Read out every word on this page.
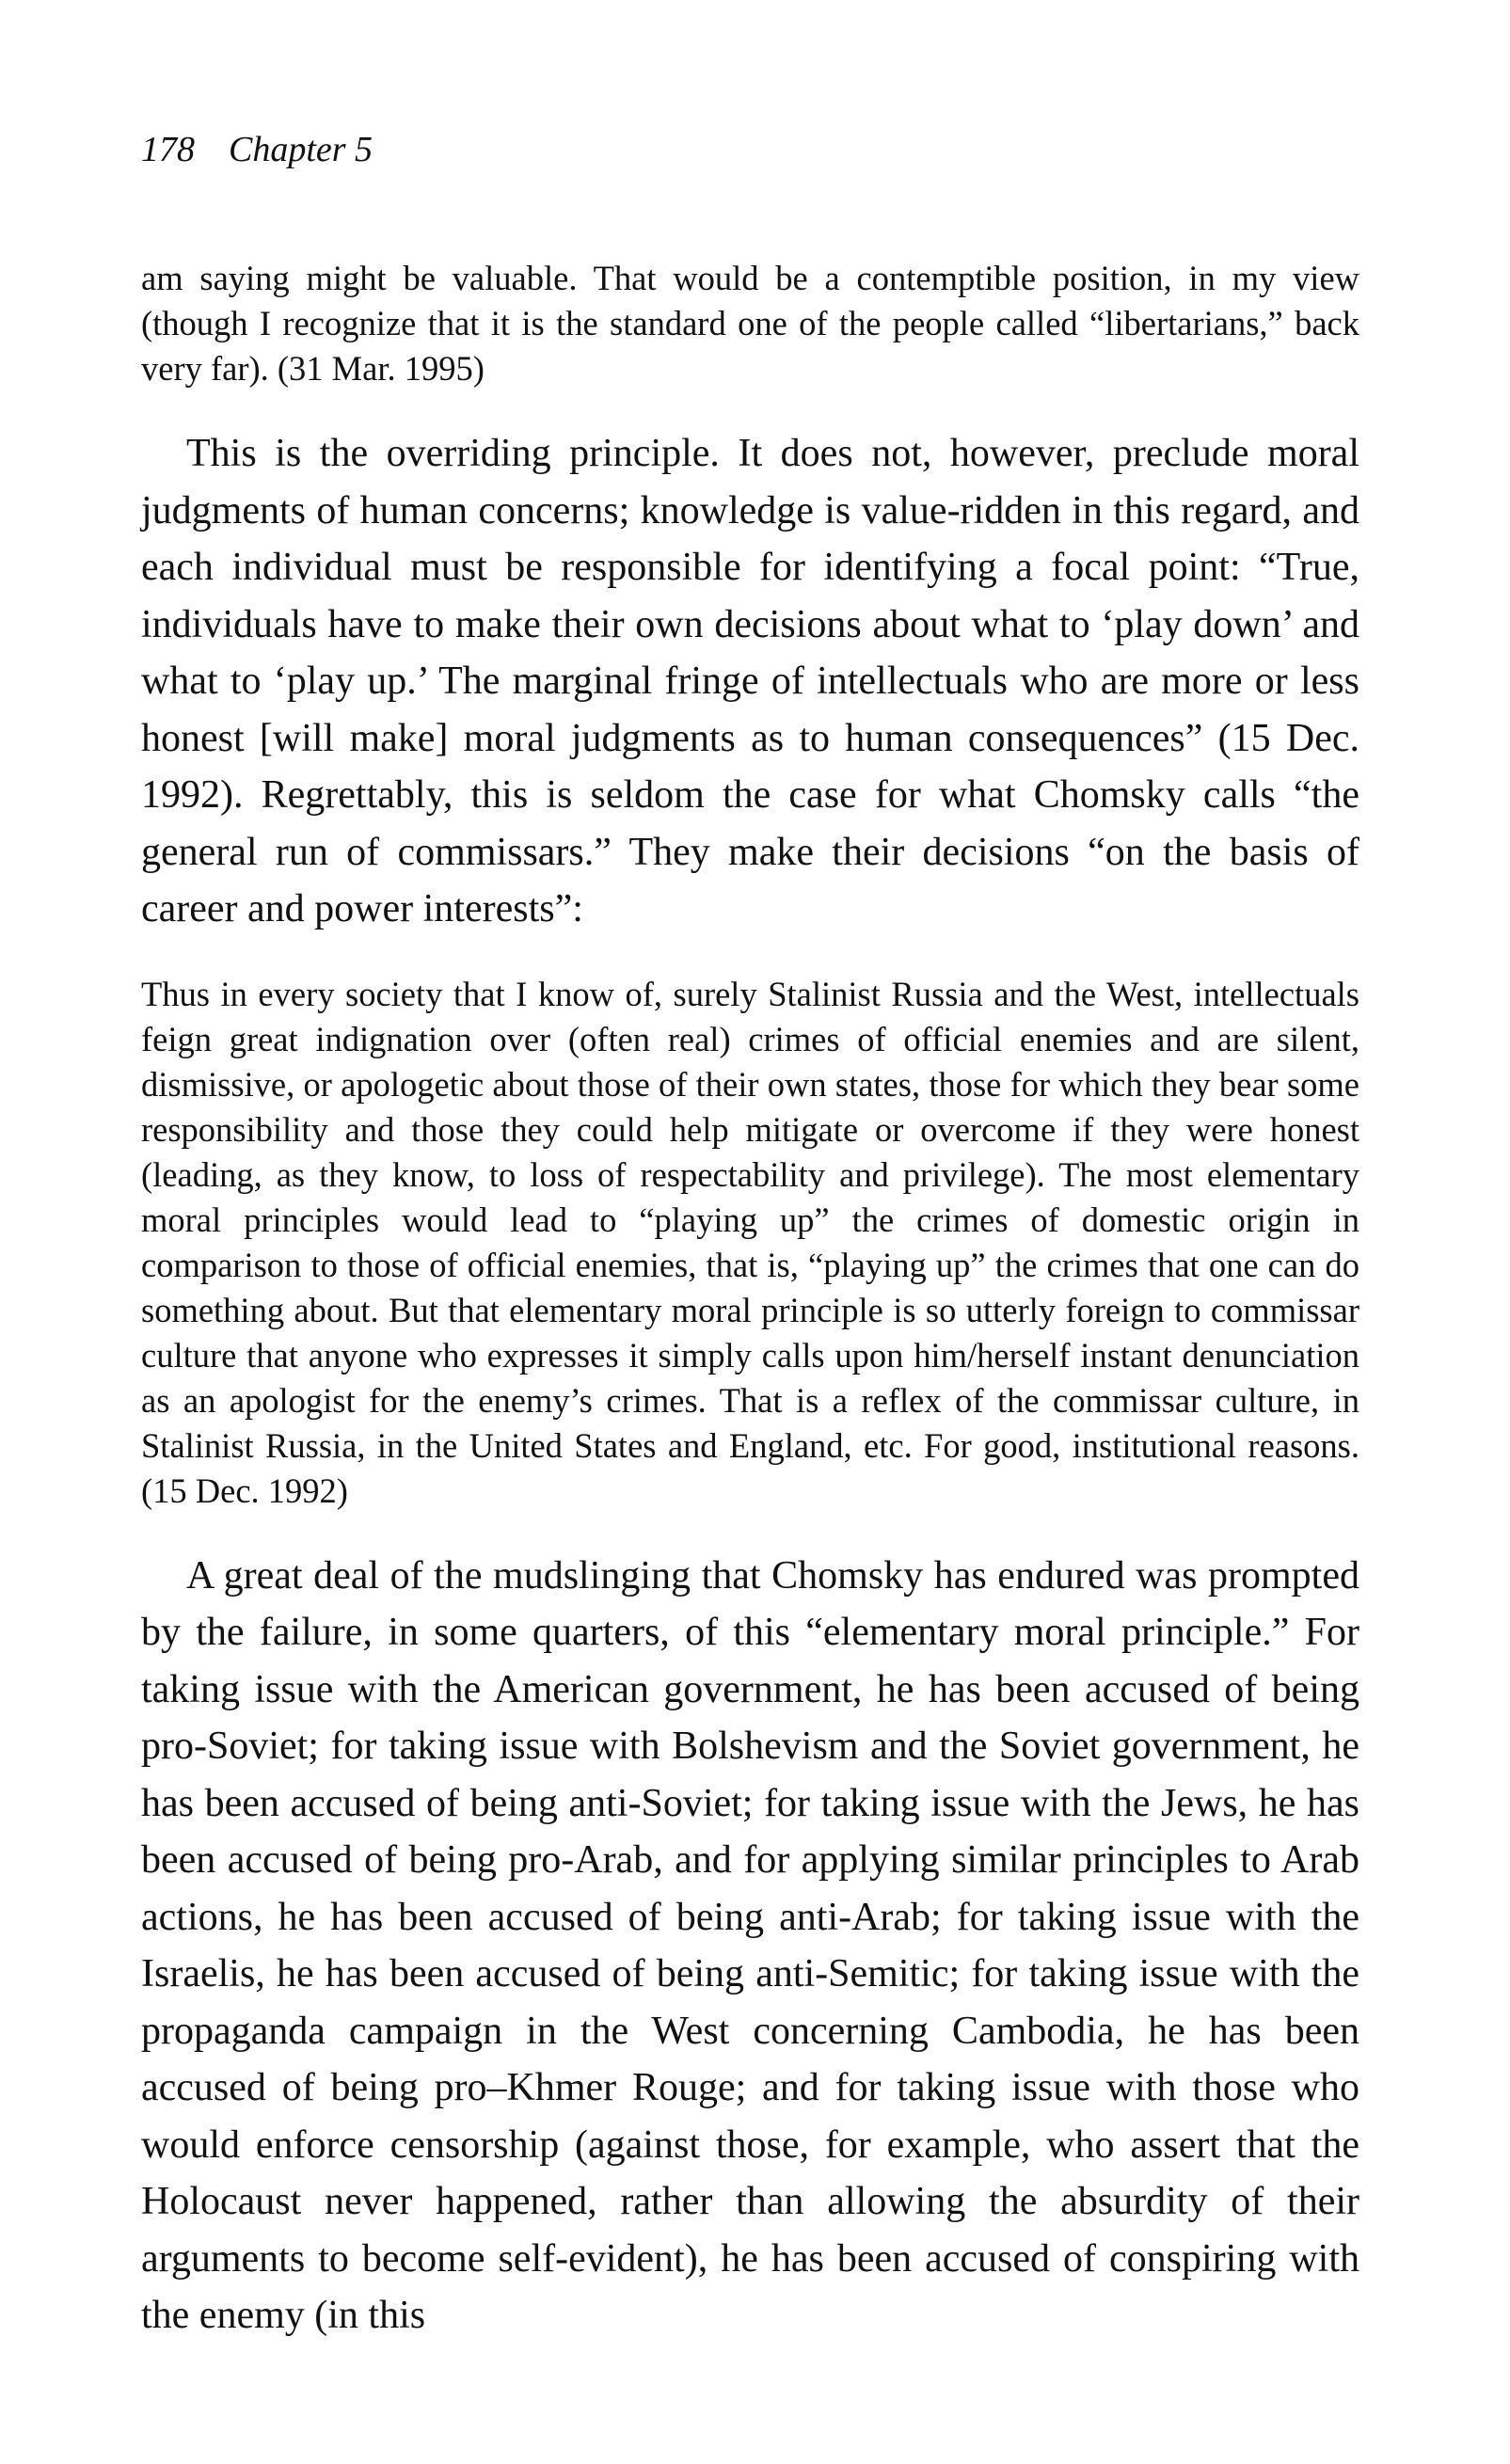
178 Chapter 5

am saying might be valuable. That would be a contemptible position, in my view (though I recognize that it is the standard one of the people called “libertarians,” back very far). (31 Mar. 1995)

This is the overriding principle. It does not, however, preclude moral judgments of human concerns; knowledge is value-ridden in this regard, and each individual must be responsible for identifying a focal point: “True, individuals have to make their own decisions about what to ‘play down’ and what to ‘play up.’ The marginal fringe of intellectuals who are more or less honest [will make] moral judgments as to human consequences” (15 Dec. 1992). Regrettably, this is seldom the case for what Chomsky calls “the general run of commissars.” They make their decisions “on the basis of career and power interests”:

Thus in every society that I know of, surely Stalinist Russia and the West, intellectuals feign great indignation over (often real) crimes of official enemies and are silent, dismissive, or apologetic about those of their own states, those for which they bear some responsibility and those they could help mitigate or overcome if they were honest (leading, as they know, to loss of respectability and privilege). The most elementary moral principles would lead to “playing up” the crimes of domestic origin in comparison to those of official enemies, that is, “playing up” the crimes that one can do something about. But that elementary moral principle is so utterly foreign to commissar culture that anyone who expresses it simply calls upon him/herself instant denunciation as an apologist for the enemy’s crimes. That is a reflex of the commissar culture, in Stalinist Russia, in the United States and England, etc. For good, institutional reasons. (15 Dec. 1992)

A great deal of the mudslinging that Chomsky has endured was prompted by the failure, in some quarters, of this “elementary moral principle.” For taking issue with the American government, he has been accused of being pro-Soviet; for taking issue with Bolshevism and the Soviet government, he has been accused of being anti-Soviet; for taking issue with the Jews, he has been accused of being pro-Arab, and for applying similar principles to Arab actions, he has been accused of being anti-Arab; for taking issue with the Israelis, he has been accused of being anti-Semitic; for taking issue with the propaganda campaign in the West concerning Cambodia, he has been accused of being pro–Khmer Rouge; and for taking issue with those who would enforce censorship (against those, for example, who assert that the Holocaust never happened, rather than allowing the absurdity of their arguments to become self-evident), he has been accused of conspiring with the enemy (in this
